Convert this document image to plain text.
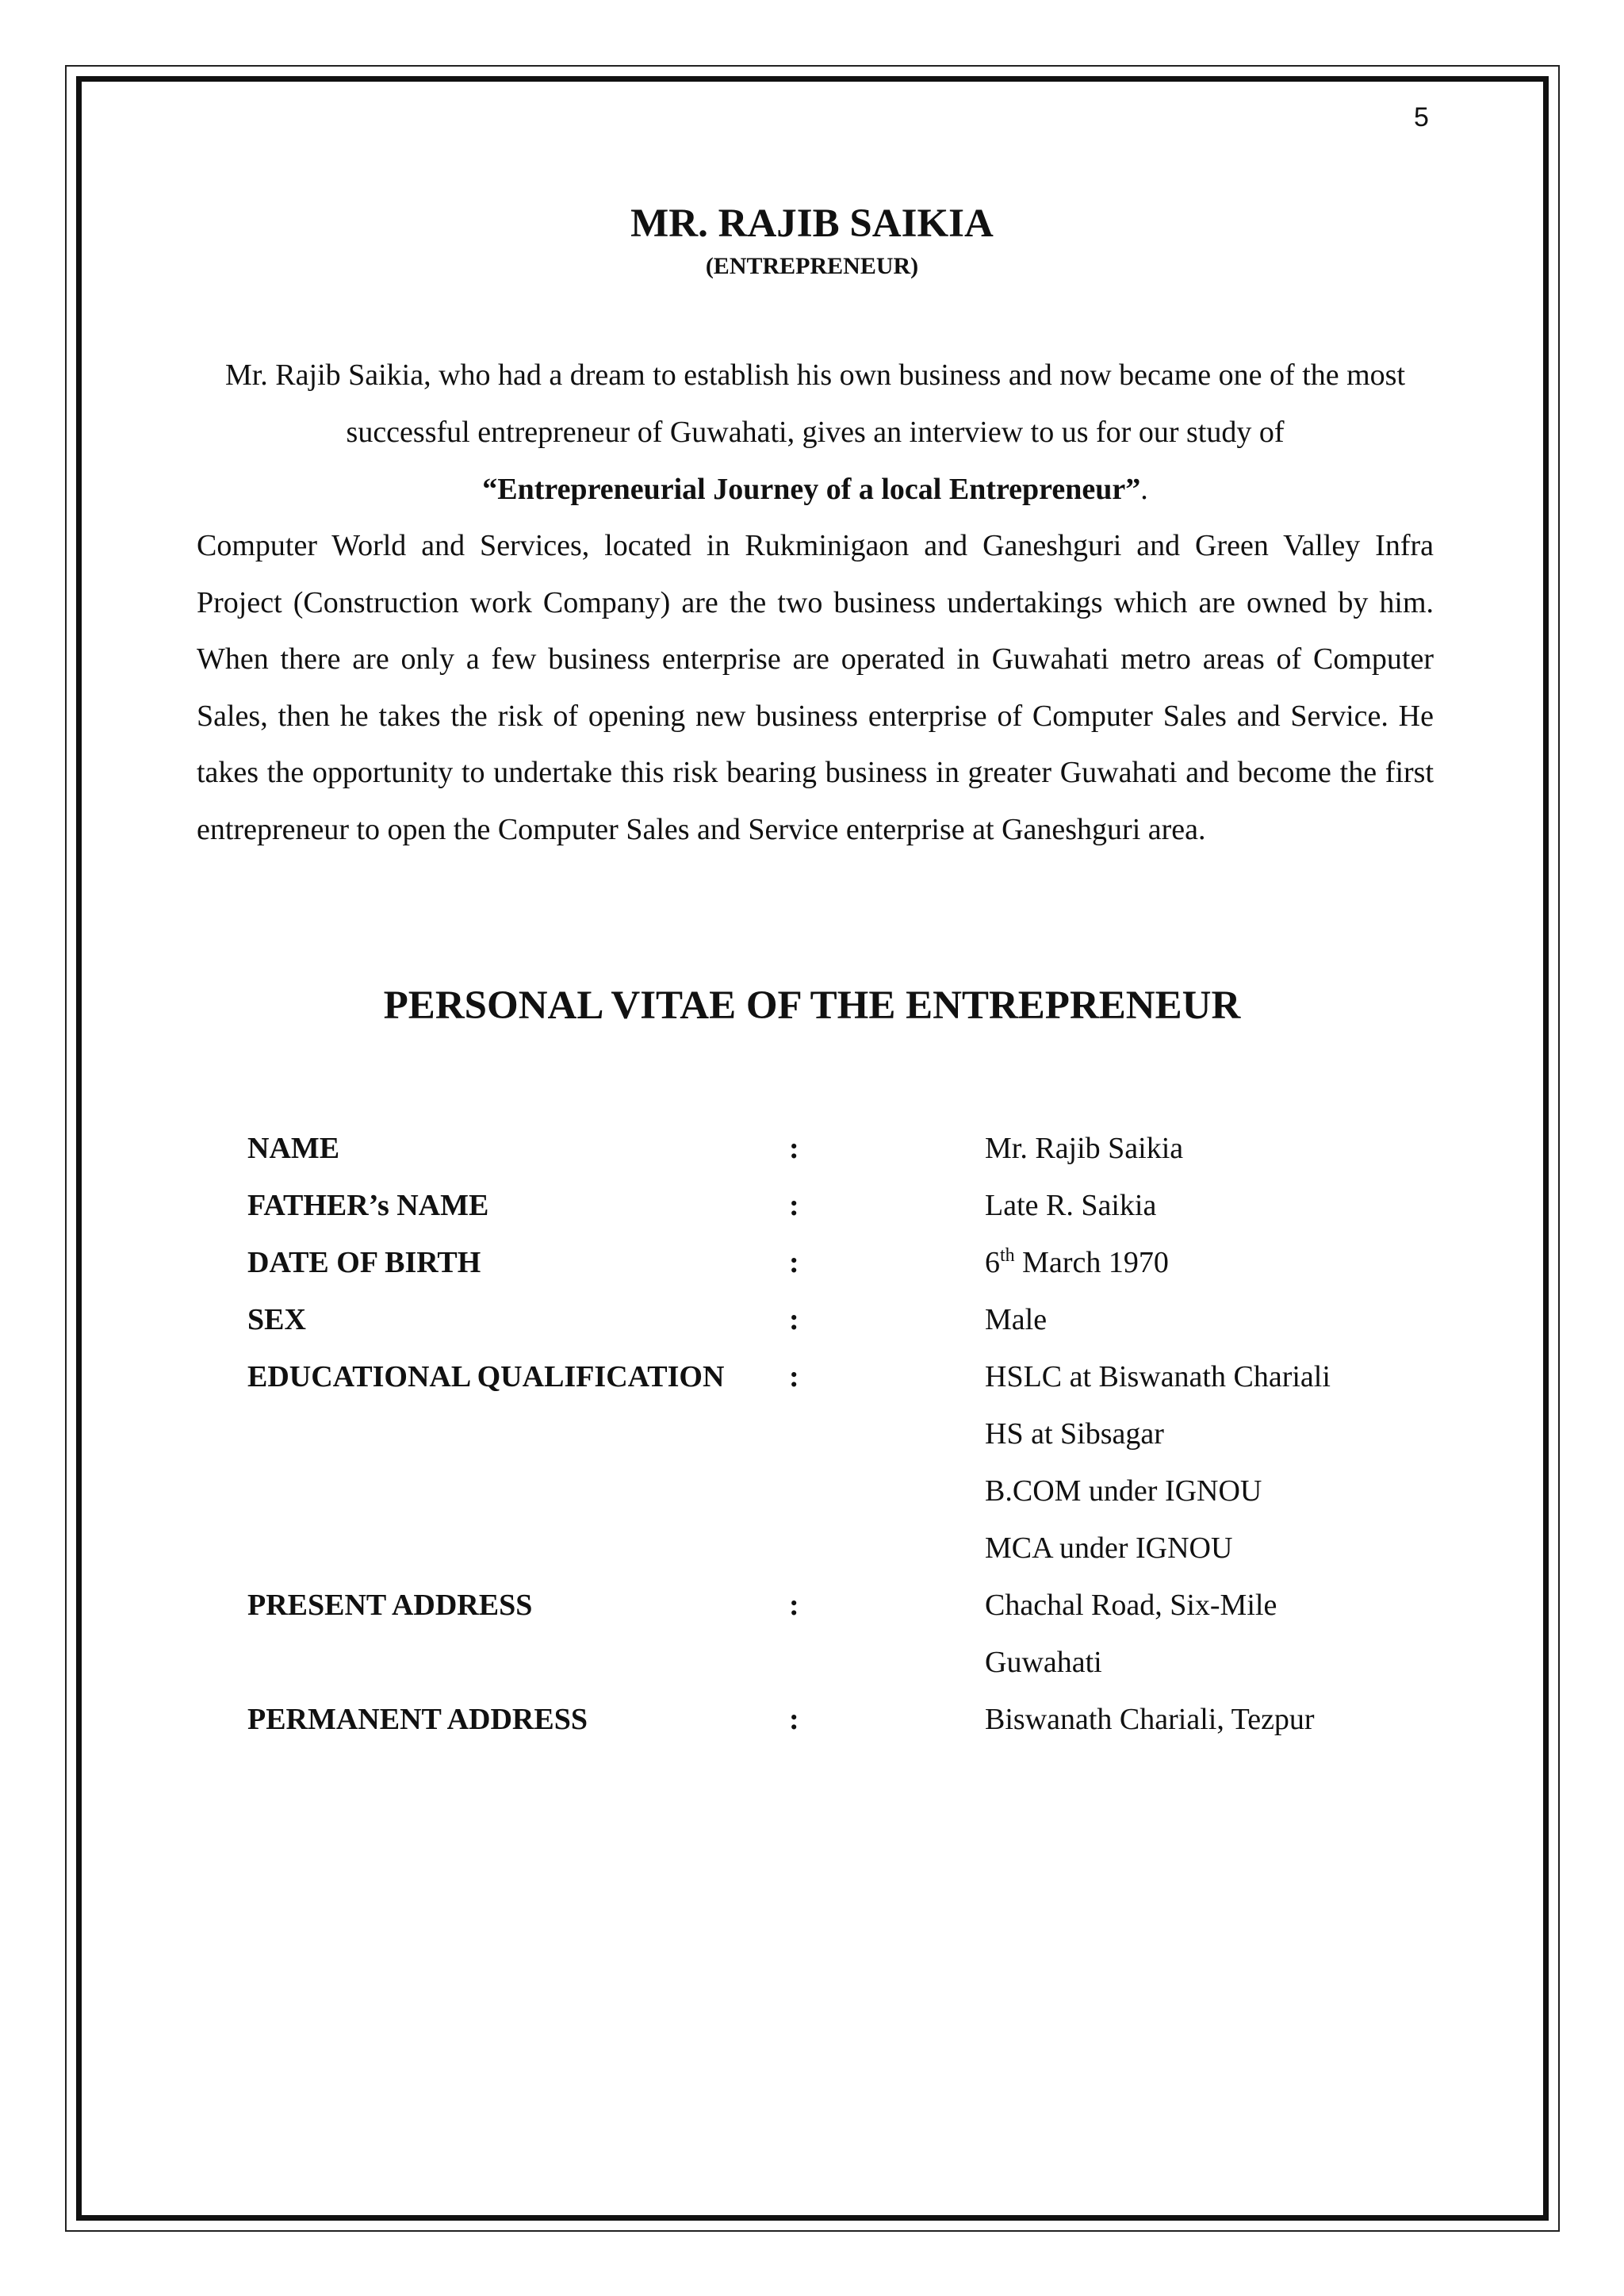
5
MR. RAJIB SAIKIA
(ENTREPRENEUR)

Mr. Rajib Saikia, who had a dream to establish his own business and now became one of the most successful entrepreneur of Guwahati, gives an interview to us for our study of
“Entrepreneurial Journey of a local Entrepreneur”.

Computer World and Services, located in Rukminigaon and Ganeshguri and Green Valley Infra Project (Construction work Company) are the two business undertakings which are owned by him. When there are only a few business enterprise are operated in Guwahati metro areas of Computer Sales, then he takes the risk of opening new business enterprise of Computer Sales and Service. He takes the opportunity to undertake this risk bearing business in greater Guwahati and become the first entrepreneur to open the Computer Sales and Service enterprise at Ganeshguri area.

PERSONAL VITAE OF THE ENTREPRENEUR
NAME	:	Mr. Rajib Saikia
FATHER’s NAME	:	Late R. Saikia
DATE OF BIRTH	:	6th March 1970
SEX	:	Male
EDUCATIONAL QUALIFICATION :	HSLC at Biswanath Chariali
HS at Sibsagar
B.COM under IGNOU
MCA under IGNOU
PRESENT ADDRESS	:	Chachal Road, Six-Mile
Guwahati
PERMANENT ADDRESS	:	Biswanath Chariali, Tezpur
